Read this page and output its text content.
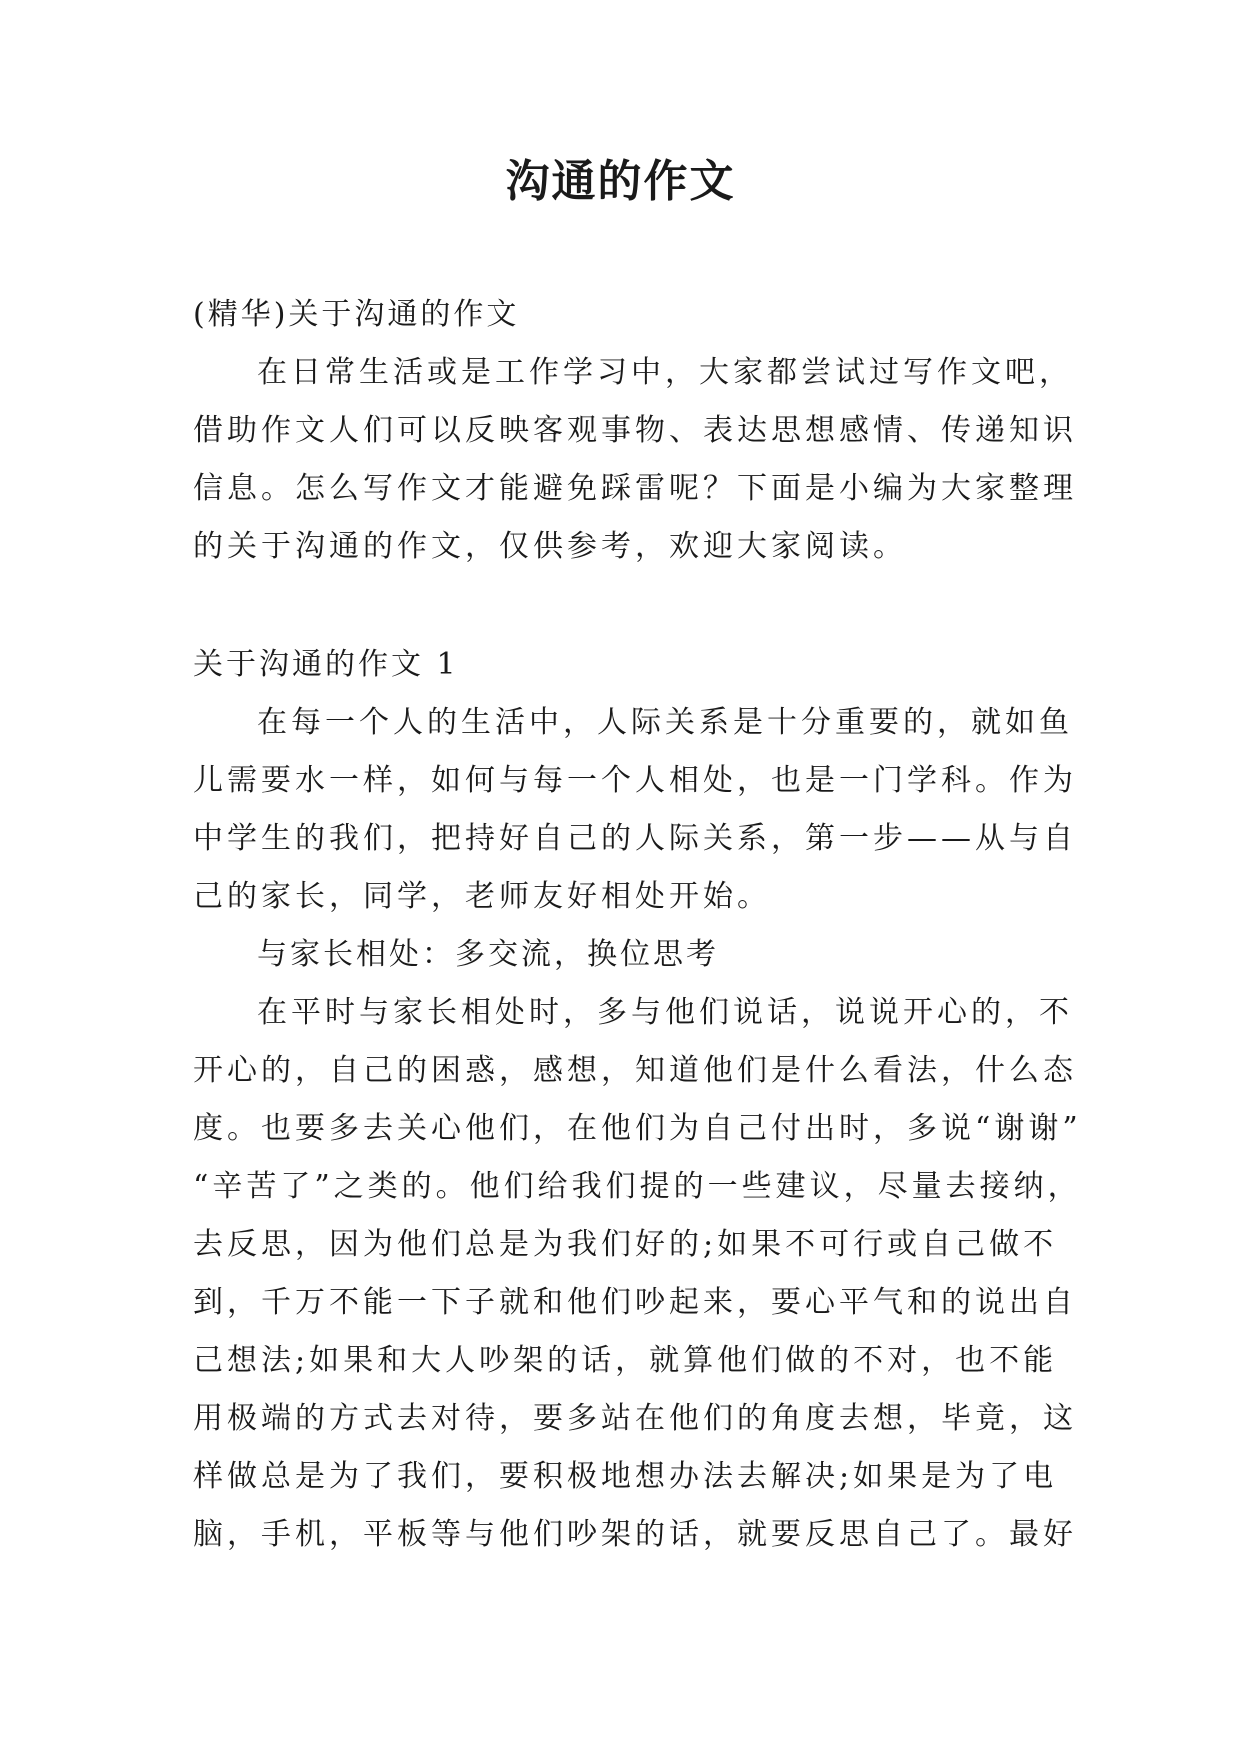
沟通的作文
(精华)关于沟通的作文
在日常生活或是工作学习中，大家都尝试过写作文吧，
借助作文人们可以反映客观事物、表达思想感情、传递知识
信息。怎么写作文才能避免踩雷呢？下面是小编为大家整理
的关于沟通的作文，仅供参考，欢迎大家阅读。
关于沟通的作文 1
在每一个人的生活中，人际关系是十分重要的，就如鱼
儿需要水一样，如何与每一个人相处，也是一门学科。作为
中学生的我们，把持好自己的人际关系，第一步——从与自
己的家长，同学，老师友好相处开始。
与家长相处：多交流，换位思考
在平时与家长相处时，多与他们说话，说说开心的，不
开心的，自己的困惑，感想，知道他们是什么看法，什么态
度。也要多去关心他们，在他们为自己付出时，多说“谢谢”
“辛苦了”之类的。他们给我们提的一些建议，尽量去接纳，
去反思，因为他们总是为我们好的;如果不可行或自己做不
到，千万不能一下子就和他们吵起来，要心平气和的说出自
己想法;如果和大人吵架的话，就算他们做的不对，也不能
用极端的方式去对待，要多站在他们的角度去想，毕竟，这
样做总是为了我们，要积极地想办法去解决;如果是为了电
脑，手机，平板等与他们吵架的话，就要反思自己了。最好
